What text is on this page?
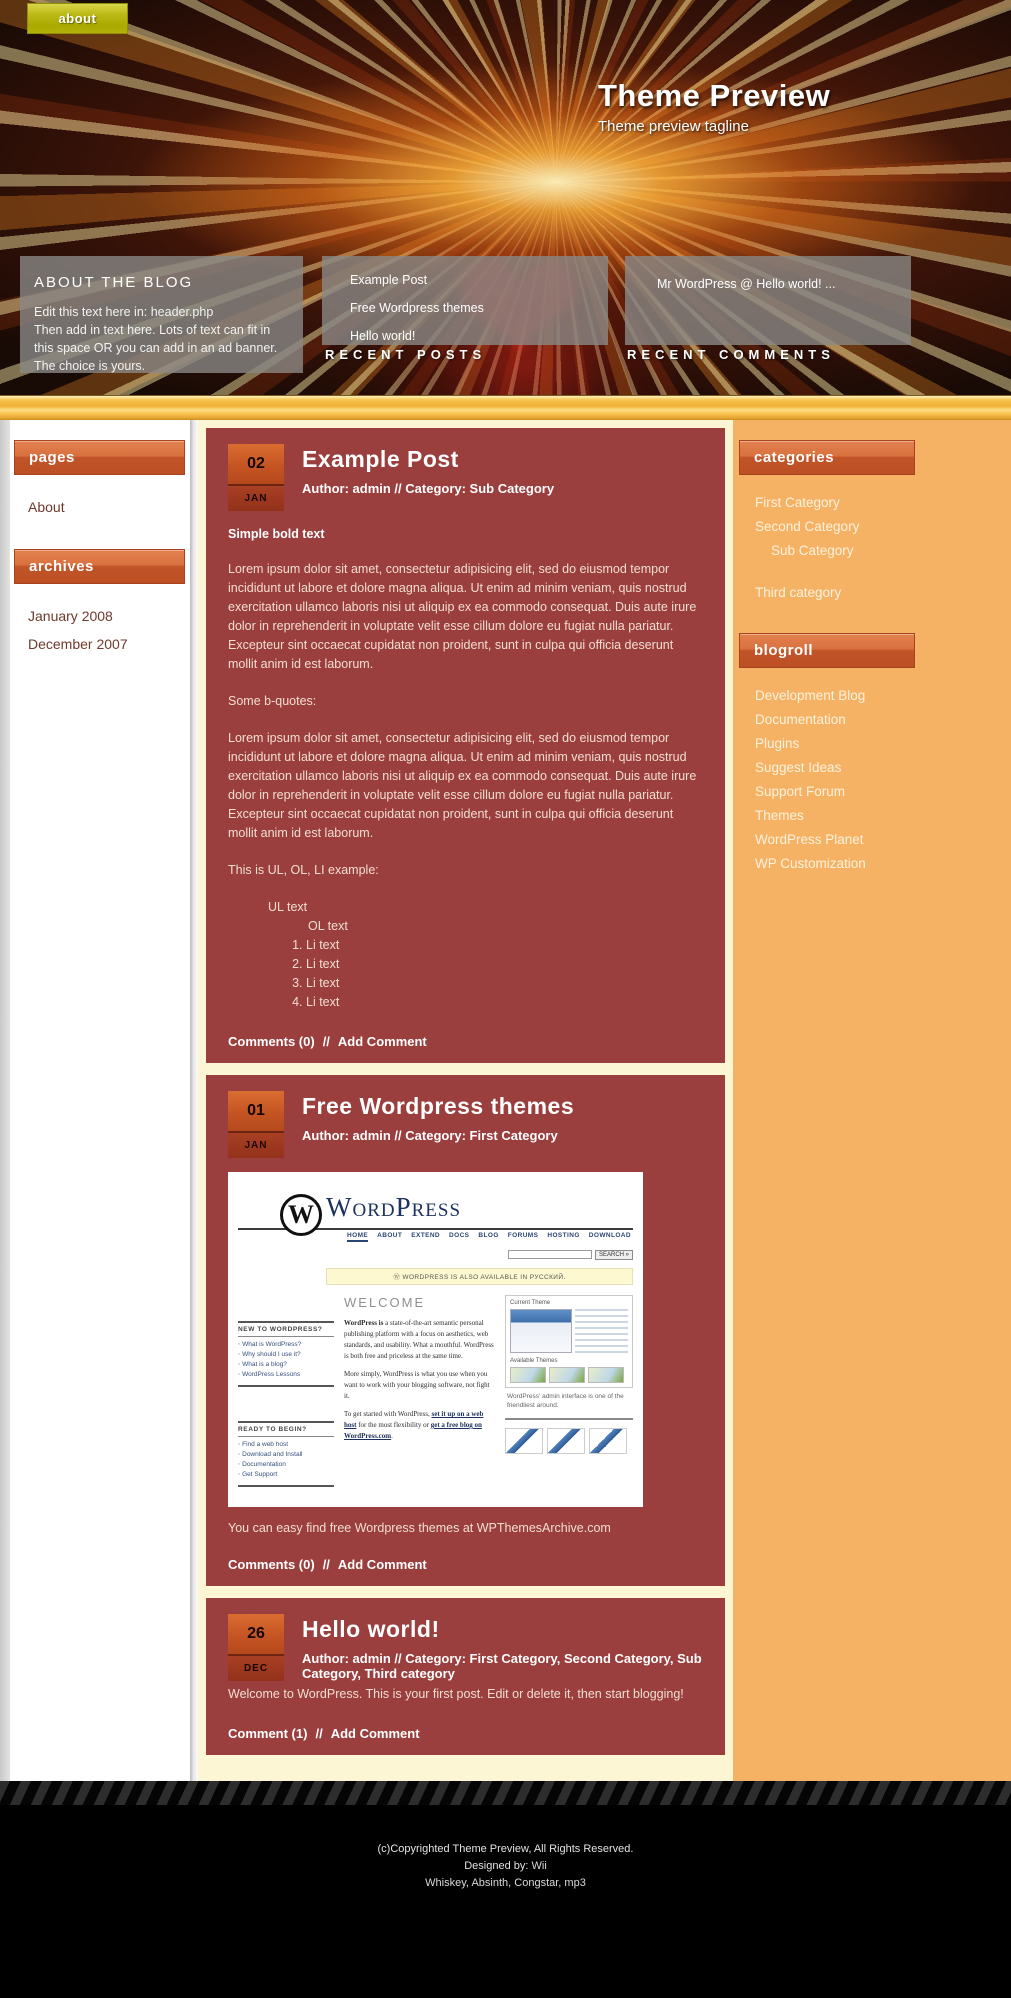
about
Theme Preview
Theme preview tagline
ABOUT THE BLOG
Edit this text here in: header.php
Then add in text here. Lots of text can fit in this space OR you can add in an ad banner. The choice is yours.
Example Post
Free Wordpress themes
Hello world!
Mr WordPress @ Hello world! ...
RECENT POSTS	RECENT COMMENTS
pages
About
archives
January 2008
December 2007
02
JAN
Example Post
Author: admin // Category: Sub Category
Simple bold text

Lorem ipsum dolor sit amet, consectetur adipisicing elit, sed do eiusmod tempor incididunt ut labore et dolore magna aliqua. Ut enim ad minim veniam, quis nostrud exercitation ullamco laboris nisi ut aliquip ex ea commodo consequat. Duis aute irure dolor in reprehenderit in voluptate velit esse cillum dolore eu fugiat nulla pariatur. Excepteur sint occaecat cupidatat non proident, sunt in culpa qui officia deserunt mollit anim id est laborum.

Some b-quotes:

Lorem ipsum dolor sit amet, consectetur adipisicing elit, sed do eiusmod tempor incididunt ut labore et dolore magna aliqua. Ut enim ad minim veniam, quis nostrud exercitation ullamco laboris nisi ut aliquip ex ea commodo consequat. Duis aute irure dolor in reprehenderit in voluptate velit esse cillum dolore eu fugiat nulla pariatur. Excepteur sint occaecat cupidatat non proident, sunt in culpa qui officia deserunt mollit anim id est laborum.

This is UL, OL, LI example:

UL text
OL text
1. Li text
2. Li text
3. Li text
4. Li text
Comments (0) // Add Comment
01
JAN
Free Wordpress themes
Author: admin // Category: First Category
W WordPress
HOME ABOUT EXTEND DOCS BLOG FORUMS HOSTING DOWNLOAD
SEARCH »
Ⓦ WORDPRESS IS ALSO AVAILABLE IN РУССКИЙ.
NEW TO WORDPRESS?
◦ What is WordPress?
◦ Why should I use it?
◦ What is a blog?
◦ WordPress Lessons
READY TO BEGIN?
◦ Find a web host
◦ Download and Install
◦ Documentation
◦ Get Support
WELCOME

WordPress is a state-of-the-art semantic personal publishing platform with a focus on aesthetics, web standards, and usability. What a mouthful. WordPress is both free and priceless at the same time.

More simply, WordPress is what you use when you want to work with your blogging software, not fight it.

To get started with WordPress, set it up on a web host for the most flexibility or get a free blog on WordPress.com.

Current Theme
Available Themes
WordPress' admin interface is one of the friendliest around.
You can easy find free Wordpress themes at WPThemesArchive.com
Comments (0) // Add Comment
26
DEC
Hello world!
Author: admin // Category: First Category, Second Category, Sub Category, Third category

Welcome to WordPress. This is your first post. Edit or delete it, then start blogging!

Comment (1) // Add Comment
categories
First Category
Second Category
Sub Category
Third category
blogroll
Development Blog
Documentation
Plugins
Suggest Ideas
Support Forum
Themes
WordPress Planet
WP Customization
(c)Copyrighted Theme Preview, All Rights Reserved.
Designed by: Wii
Whiskey , Absinth , Congstar , mp3
